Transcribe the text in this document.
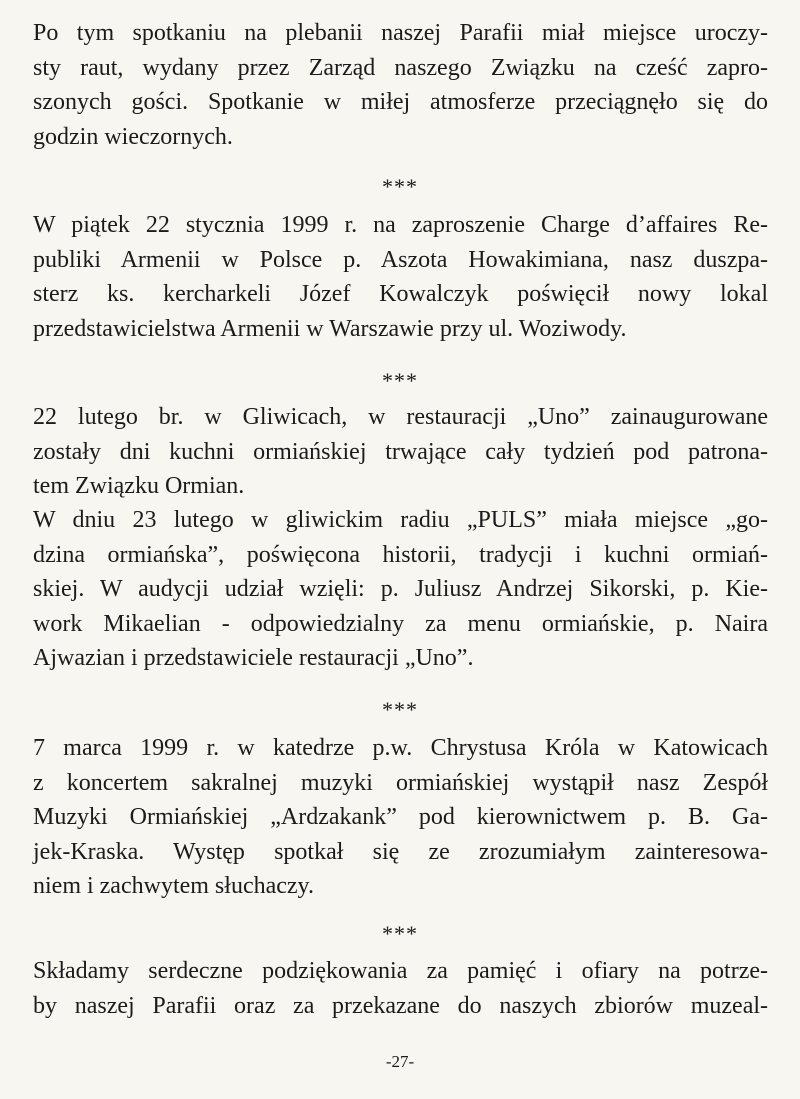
Po tym spotkaniu na plebanii naszej Parafii miał miejsce uroczy-
sty raut, wydany przez Zarząd naszego Związku na cześć zapro-
szonych gości. Spotkanie w miłej atmosferze przeciągnęło się do
godzin wieczornych.
***
W piątek 22 stycznia 1999 r. na zaproszenie Charge d’affaires Re-
publiki Armenii w Polsce p. Aszota Howakimiana, nasz duszpa-
sterz ks. kercharkeli Józef Kowalczyk poświęcił nowy lokal
przedstawicielstwa Armenii w Warszawie przy ul. Woziwody.
***
22 lutego br. w Gliwicach, w restauracji „Uno” zainaugurowane
zostały dni kuchni ormiańskiej trwające cały tydzień pod patrona-
tem Związku Ormian.
W dniu 23 lutego w gliwickim radiu „PULS” miała miejsce „go-
dzina ormiańska”, poświęcona historii, tradycji i kuchni ormiań-
skiej. W audycji udział wzięli: p. Juliusz Andrzej Sikorski, p. Kie-
work Mikaelian - odpowiedzialny za menu ormiańskie, p. Naira
Ajwazian i przedstawiciele restauracji „Uno”.
***
7 marca 1999 r. w katedrze p.w. Chrystusa Króla w Katowicach
z koncertem sakralnej muzyki ormiańskiej wystąpił nasz Zespół
Muzyki Ormiańskiej „Ardzakank” pod kierownictwem p. B. Ga-
jek-Kraska. Występ spotkał się ze zrozumiałym zainteresowa-
niem i zachwytem słuchaczy.
***
Składamy serdeczne podziękowania za pamięć i ofiary na potrze-
by naszej Parafii oraz za przekazane do naszych zbiorów muzeal-
-27-
